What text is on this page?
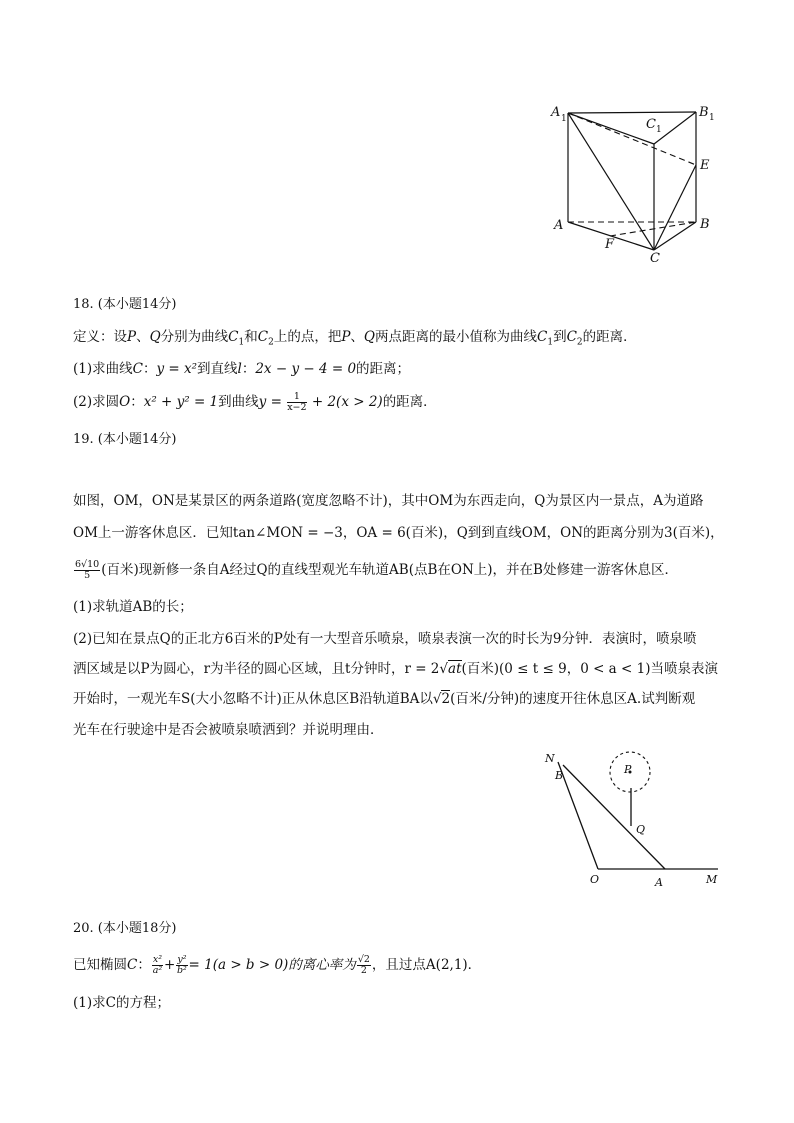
A 1	B 1
C 1
E
A	B
C
F
18. (本小题14分)
定义：设P、Q分别为曲线$C_1$和$C_2$上的点，把P、Q两点距离的最小值称为曲线$C_1$到$C_2$的距离．
(1)求曲线C：y = x²到直线l：2x − y − 4 = 0的距离；
(2)求圆O：x² + y² = 1到曲线$y = \frac{1}{x-2} + 2(x > 2)$的距离．
19. (本小题14分)
如图，OM，ON是某景区的两条道路(宽度忽略不计)，其中OM为东西走向，Q为景区内一景点，A为道路
OM上一游客休息区．已知tan∠MON = −3，OA = 6(百米)，Q到到直线OM，ON的距离分别为3(百米)，
$\frac{6√10}{5}$ (百米)现新修一条自A经过Q的直线型观光车轨道AB(点B在ON上)，并在B处修建一游客休息区．
(1)求轨道AB的长；
(2)已知在景点Q的正北方6百米的P处有一大型音乐喷泉，喷泉表演一次的时长为9分钟．表演时，喷泉喷
洒区域是以P为圆心，r为半径的圆心区域，且t分钟时，r = 2√at(百米)(0 ≤ t ≤ 9，0 < a < 1)当喷泉表演
开始时，一观光车S(大小忽略不计)正从休息区B沿轨道BA以√2(百米/分钟)的速度开往休息区A.试判断观
光车在行驶途中是否会被喷泉喷洒到？并说明理由．
N
B	P
Q
O	A	M
20. (本小题18分)
已知椭圆C： $\frac{\text{x²}}{\text{a²}} + \frac{\text{y²}}{\text{b²}} = 1(a > b > 0)$的离心率为 $\frac{√2}{2}$ ，且过点A(2,1)．
(1)求C的方程；
